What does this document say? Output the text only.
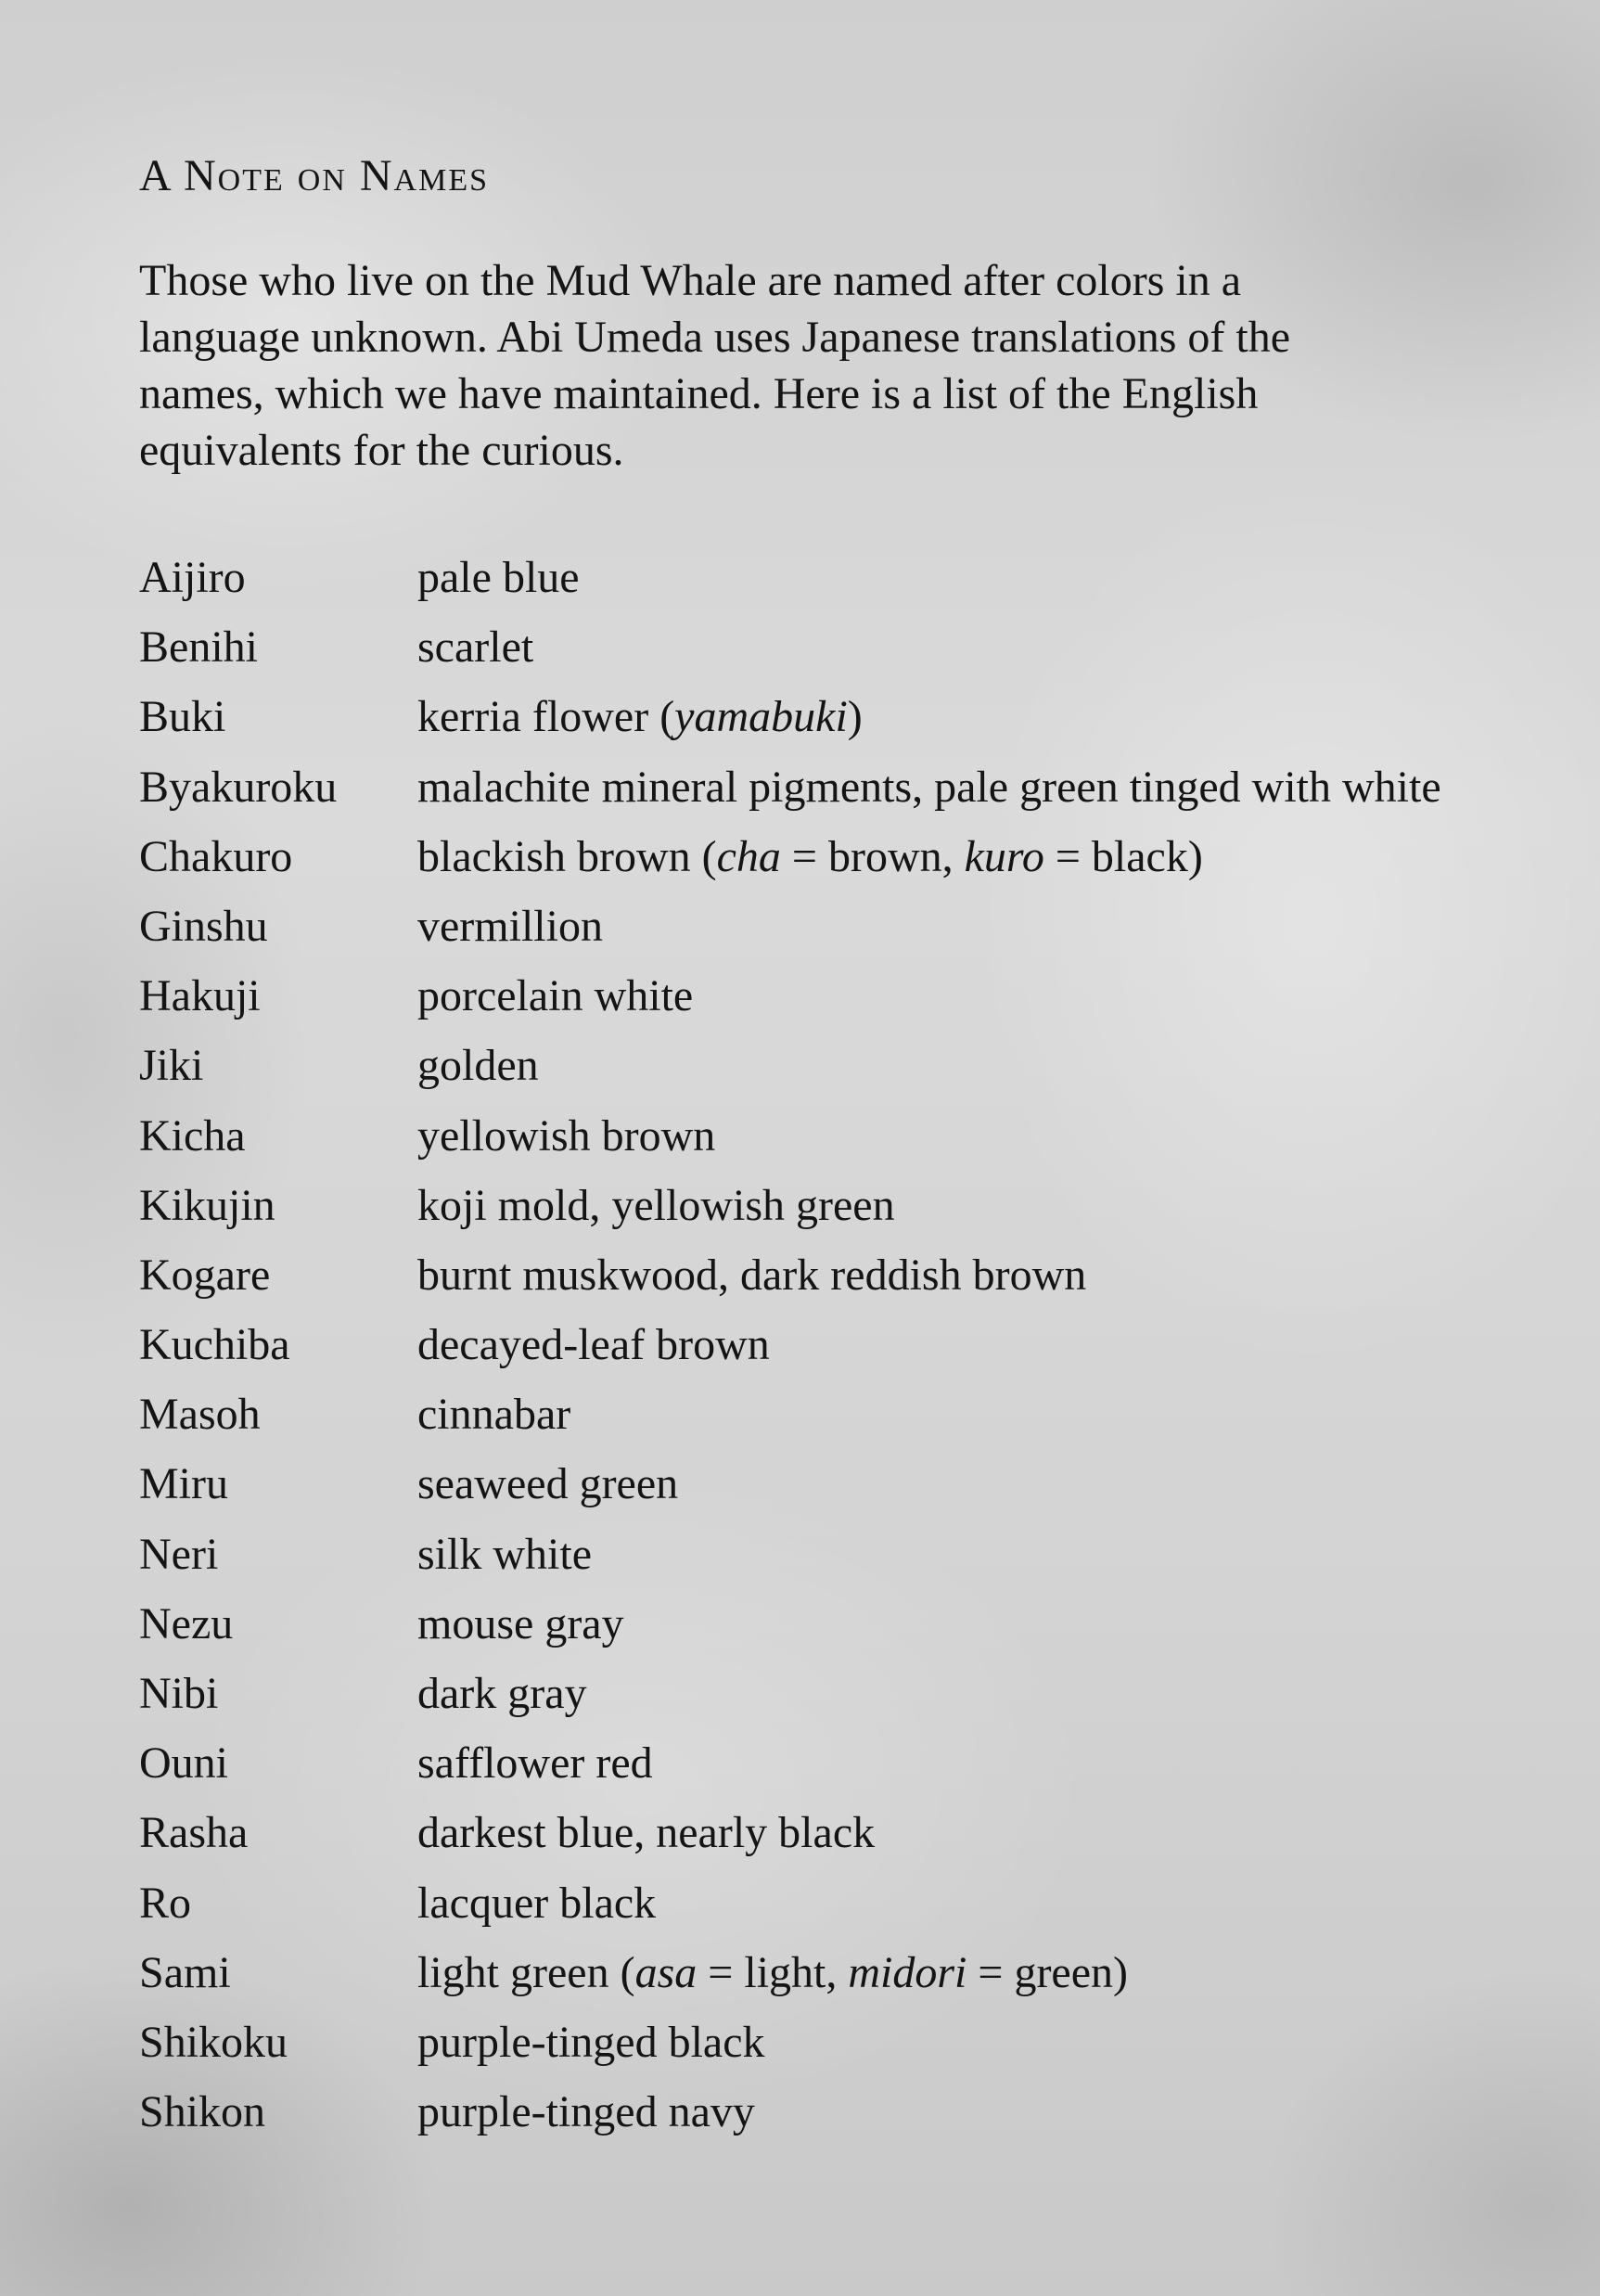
A Note on Names

Those who live on the Mud Whale are named after colors in a
language unknown. Abi Umeda uses Japanese translations of the
names, which we have maintained. Here is a list of the English
equivalents for the curious.

Aijiro	pale blue
Benihi	scarlet
Buki	kerria flower (yamabuki)
Byakuroku malachite mineral pigments, pale green tinged with white
Chakuro	blackish brown (cha = brown, kuro = black)
Ginshu	vermillion
Hakuji	porcelain white
Jiki	golden
Kicha	yellowish brown
Kikujin	koji mold, yellowish green
Kogare	burnt muskwood, dark reddish brown
Kuchiba	decayed-leaf brown
Masoh	cinnabar
Miru	seaweed green
Neri	silk white
Nezu	mouse gray
Nibi	dark gray
Ouni	safflower red
Rasha	darkest blue, nearly black
Ro	lacquer black
Sami	light green (asa = light, midori = green)
Shikoku	purple-tinged black
Shikon	purple-tinged navy
